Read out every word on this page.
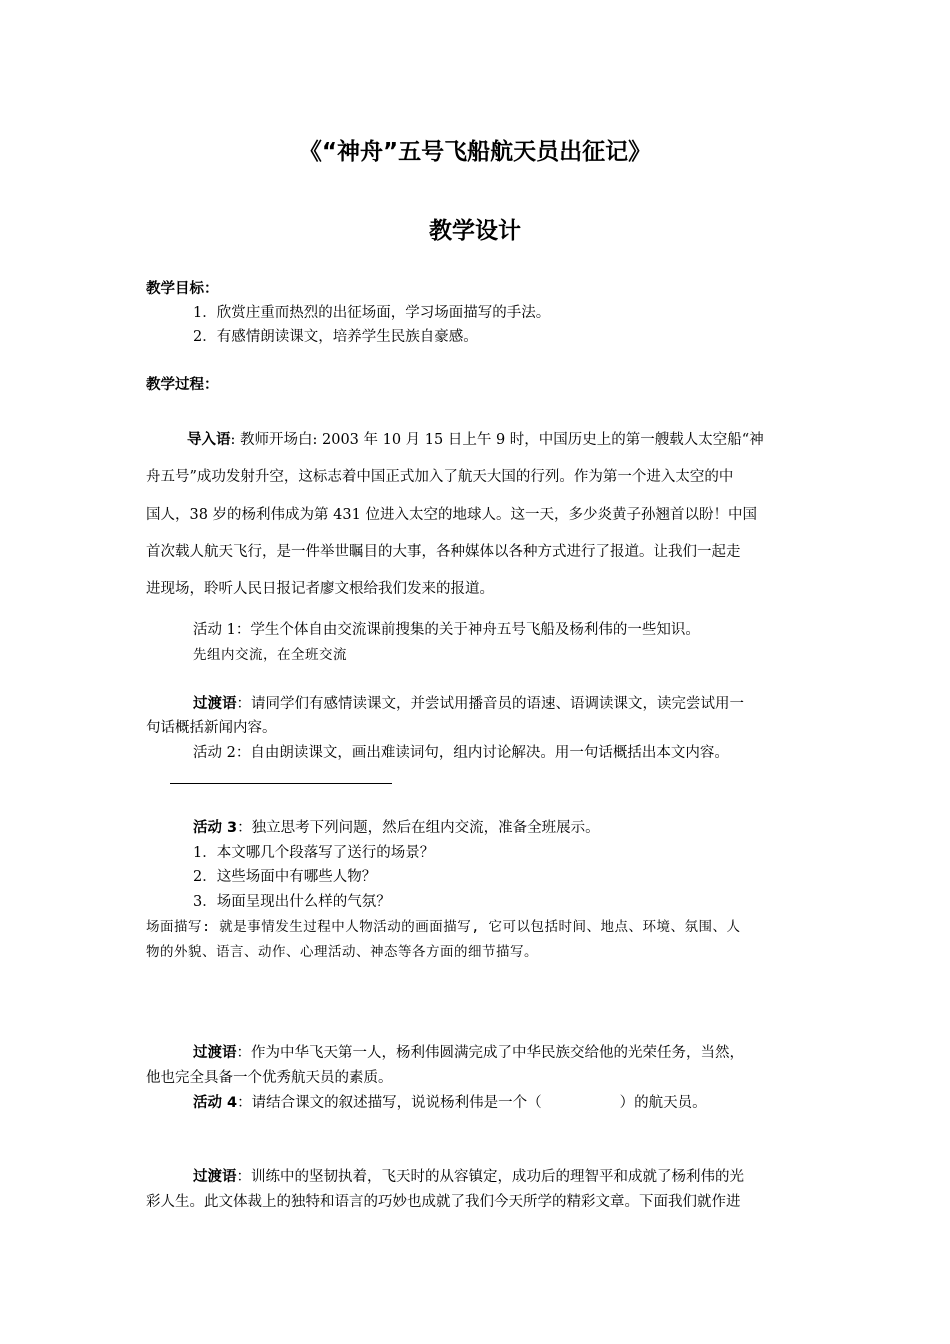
《“神舟”五号飞船航天员出征记》
教学设计
教学目标：
1．欣赏庄重而热烈的出征场面，学习场面描写的手法。
2．有感情朗读课文，培养学生民族自豪感。
教学过程：
导入语: 教师开场白: 2003 年 10 月 15 日上午 9 时，中国历史上的第一艘载人太空船“神
舟五号”成功发射升空，这标志着中国正式加入了航天大国的行列。作为第一个进入太空的中
国人，38 岁的杨利伟成为第 431 位进入太空的地球人。这一天，多少炎黄子孙翘首以盼！中国
首次载人航天飞行，是一件举世瞩目的大事，各种媒体以各种方式进行了报道。让我们一起走
进现场，聆听人民日报记者廖文根给我们发来的报道。
活动 1：学生个体自由交流课前搜集的关于神舟五号飞船及杨利伟的一些知识。
先组内交流，在全班交流
过渡语：请同学们有感情读课文，并尝试用播音员的语速、语调读课文，读完尝试用一
句话概括新闻内容。
活动 2：自由朗读课文，画出难读词句，组内讨论解决。用一句话概括出本文内容。
活动 3：独立思考下列问题，然后在组内交流，准备全班展示。
1．本文哪几个段落写了送行的场景？
2．这些场面中有哪些人物？
3．场面呈现出什么样的气氛？
场面描写: 就是事情发生过程中人物活动的画面描写, 它可以包括时间、地点、环境、氛围、人
物的外貌、语言、动作、心理活动、神态等各方面的细节描写。
过渡语：作为中华飞天第一人，杨利伟圆满完成了中华民族交给他的光荣任务，当然，
他也完全具备一个优秀航天员的素质。
活动 4：请结合课文的叙述描写，说说杨利伟是一个（	）的航天员。
过渡语：训练中的坚韧执着，飞天时的从容镇定，成功后的理智平和成就了杨利伟的光
彩人生。此文体裁上的独特和语言的巧妙也成就了我们今天所学的精彩文章。下面我们就作进
